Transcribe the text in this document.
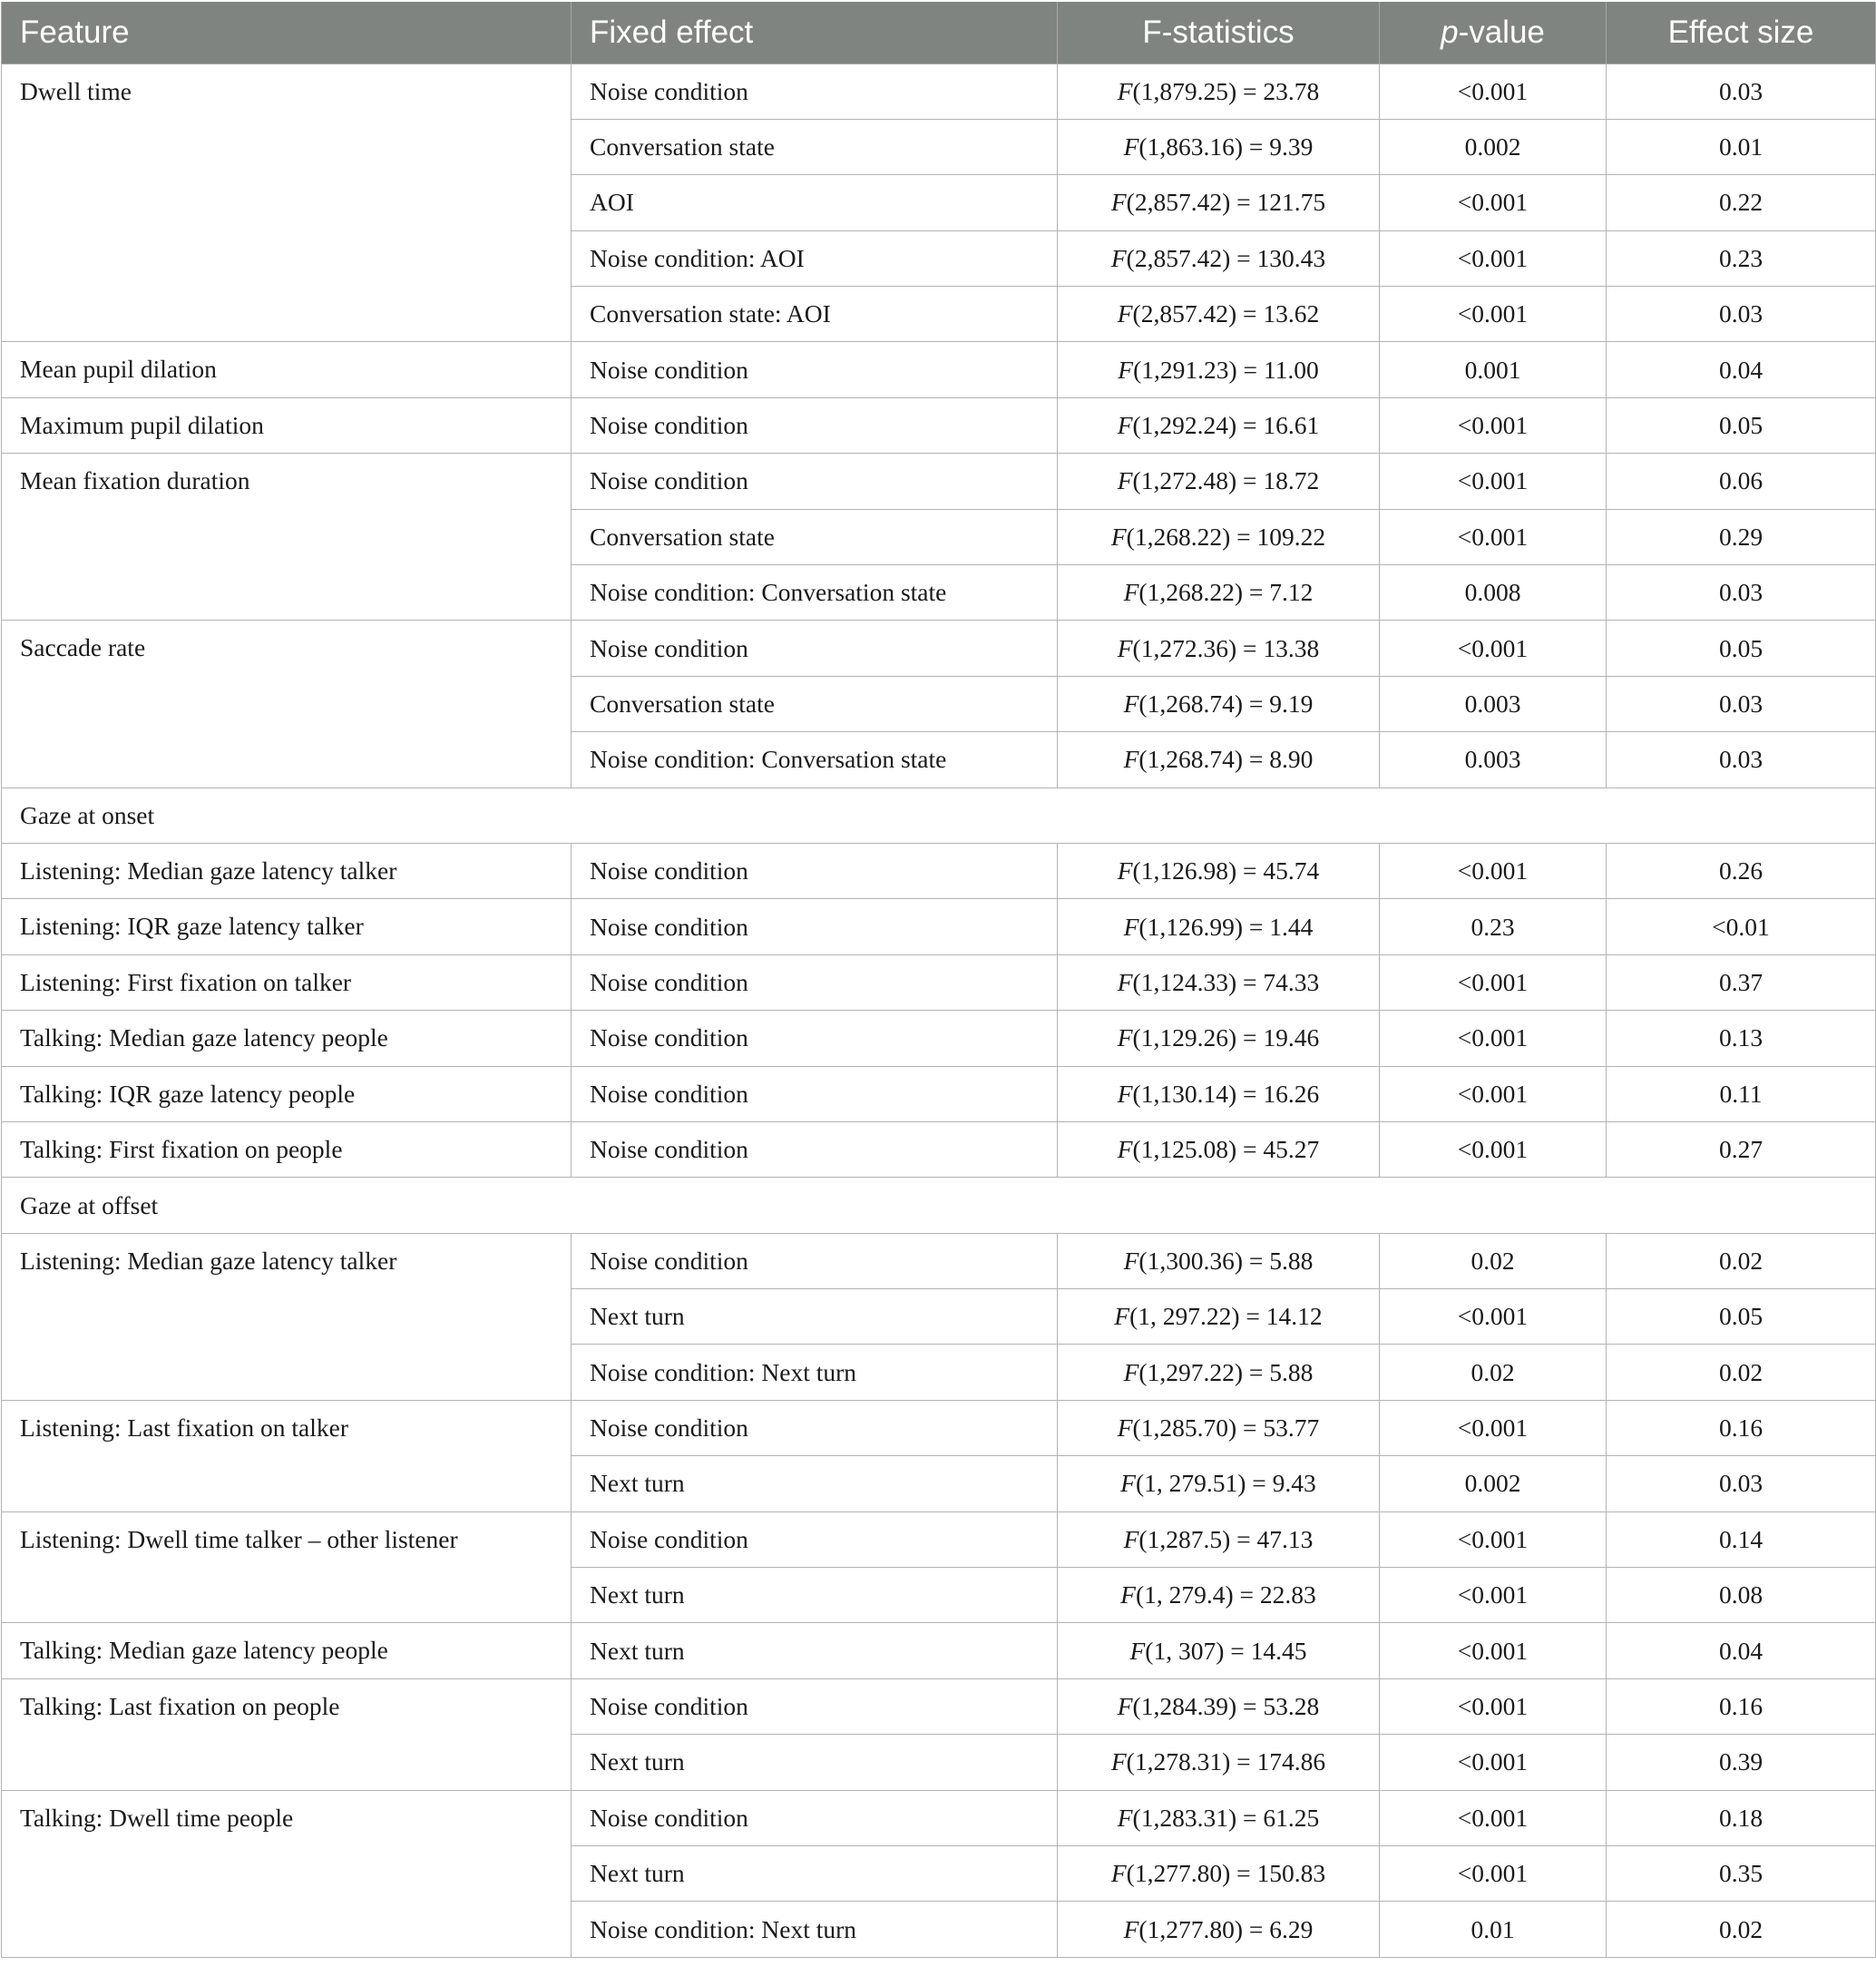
Feature	Fixed effect	F-statistics	p-value	Effect size
Dwell time	Noise condition	F(1,879.25) = 23.78	<0.001	0.03
	Conversation state	F(1,863.16) = 9.39	0.002	0.01
	AOI	F(2,857.42) = 121.75	<0.001	0.22
	Noise condition: AOI	F(2,857.42) = 130.43	<0.001	0.23
	Conversation state: AOI	F(2,857.42) = 13.62	<0.001	0.03
Mean pupil dilation	Noise condition	F(1,291.23) = 11.00	0.001	0.04
Maximum pupil dilation	Noise condition	F(1,292.24) = 16.61	<0.001	0.05
Mean fixation duration	Noise condition	F(1,272.48) = 18.72	<0.001	0.06
	Conversation state	F(1,268.22) = 109.22	<0.001	0.29
	Noise condition: Conversation state	F(1,268.22) = 7.12	0.008	0.03
Saccade rate	Noise condition	F(1,272.36) = 13.38	<0.001	0.05
	Conversation state	F(1,268.74) = 9.19	0.003	0.03
	Noise condition: Conversation state	F(1,268.74) = 8.90	0.003	0.03
Gaze at onset				
Listening: Median gaze latency talker	Noise condition	F(1,126.98) = 45.74	<0.001	0.26
Listening: IQR gaze latency talker	Noise condition	F(1,126.99) = 1.44	0.23	<0.01
Listening: First fixation on talker	Noise condition	F(1,124.33) = 74.33	<0.001	0.37
Talking: Median gaze latency people	Noise condition	F(1,129.26) = 19.46	<0.001	0.13
Talking: IQR gaze latency people	Noise condition	F(1,130.14) = 16.26	<0.001	0.11
Talking: First fixation on people	Noise condition	F(1,125.08) = 45.27	<0.001	0.27
Gaze at offset				
Listening: Median gaze latency talker	Noise condition	F(1,300.36) = 5.88	0.02	0.02
	Next turn	F(1, 297.22) = 14.12	<0.001	0.05
	Noise condition: Next turn	F(1,297.22) = 5.88	0.02	0.02
Listening: Last fixation on talker	Noise condition	F(1,285.70) = 53.77	<0.001	0.16
	Next turn	F(1, 279.51) = 9.43	0.002	0.03
Listening: Dwell time talker – other listener	Noise condition	F(1,287.5) = 47.13	<0.001	0.14
	Next turn	F(1, 279.4) = 22.83	<0.001	0.08
Talking: Median gaze latency people	Next turn	F(1, 307) = 14.45	<0.001	0.04
Talking: Last fixation on people	Noise condition	F(1,284.39) = 53.28	<0.001	0.16
	Next turn	F(1,278.31) = 174.86	<0.001	0.39
Talking: Dwell time people	Noise condition	F(1,283.31) = 61.25	<0.001	0.18
	Next turn	F(1,277.80) = 150.83	<0.001	0.35
	Noise condition: Next turn	F(1,277.80) = 6.29	0.01	0.02
